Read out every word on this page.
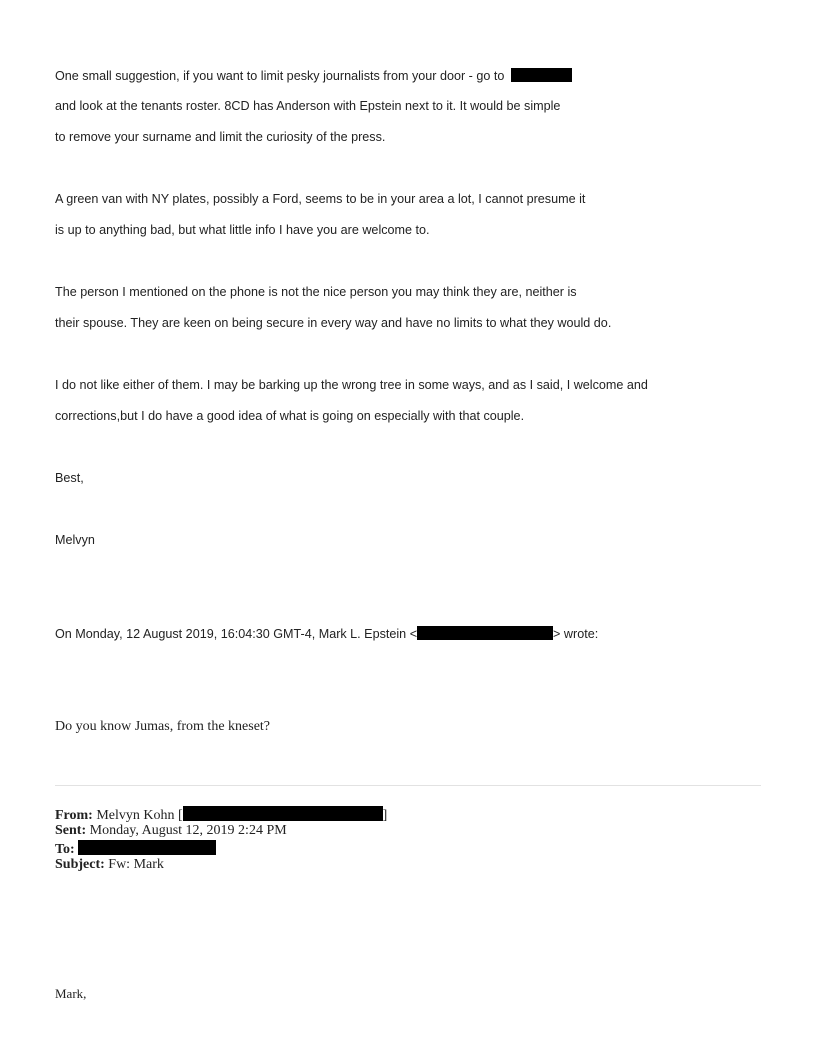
One small suggestion, if you want to limit pesky journalists from your door - go to
and look at the tenants roster. 8CD has Anderson with Epstein next to it. It would be simple
to remove your surname and limit the curiosity of the press.
A green van with NY plates, possibly a Ford, seems to be in your area a lot, I cannot presume it
is up to anything bad, but what little info I have you are welcome to.
The person I mentioned on the phone is not the nice person you may think they are, neither is
their spouse. They are keen on being secure in every way and have no limits to what they would do.
I do not like either of them. I may be barking up the wrong tree in some ways, and as I said, I welcome and
corrections,but I do have a good idea of what is going on especially with that couple.
Best,
Melvyn
On Monday, 12 August 2019, 16:04:30 GMT-4, Mark L. Epstein <	> wrote:
Do you know Jumas, from the kneset?
From: Melvyn Kohn [	]
Sent: Monday, August 12, 2019 2:24 PM
To:
Subject: Fw: Mark
Mark,
